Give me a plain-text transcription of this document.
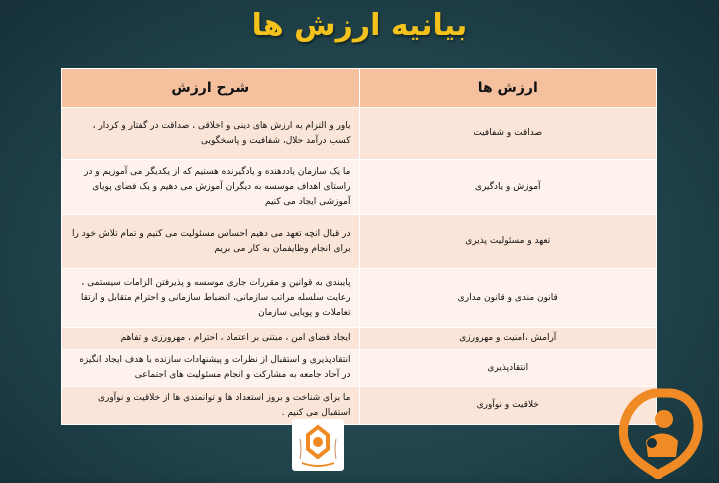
بیانیه ارزش ها
ارزش ها	شرح ارزش
صداقت و شفافیت	باور و التزام به ارزش های دینی و اخلاقی ، صداقت در گفتار و کردار ، کسب درآمد حلال، شفافیت و پاسخگویی
آموزش و یادگیری	ما یک سازمان یاددهنده و یادگیرنده هستیم که از یکدیگر می آموزیم و در راستای اهداف موسسه به دیگران آموزش می دهیم و یک فضای پویای آموزشی ایجاد می کنیم
تعهد و مسئولیت پذیری	در قبال انچه تعهد می دهیم احساس مسئولیت می کنیم و تمام تلاش خود را برای انجام وظایفمان به کار می بریم
قانون مندی و قانون مداری	پایبندی به قوانین و مقررات جاری موسسه و پذیرفتن الزامات سیستمی ، رعایت سلسله مراتب سازمانی، انضباط سازمانی و احترام متقابل و ارتقا تعاملات و پویایی سازمان
آرامش ،امنیت و مهرورزی	ایجاد فضای امن ، مبتنی بر اعتماد ، احترام ، مهرورزی و تفاهم
انتقادپذیری	انتقادپذیری و استقبال از نظرات و پیشنهادات سازنده با هدف ایجاد انگیزه در آحاد جامعه به مشارکت و انجام مسئولیت های اجتماعی
خلاقیت و نوآوری	ما برای شناخت و بروز استعداد ها و توانمندی ها از خلاقیت و نوآوری استقبال می کنیم .
